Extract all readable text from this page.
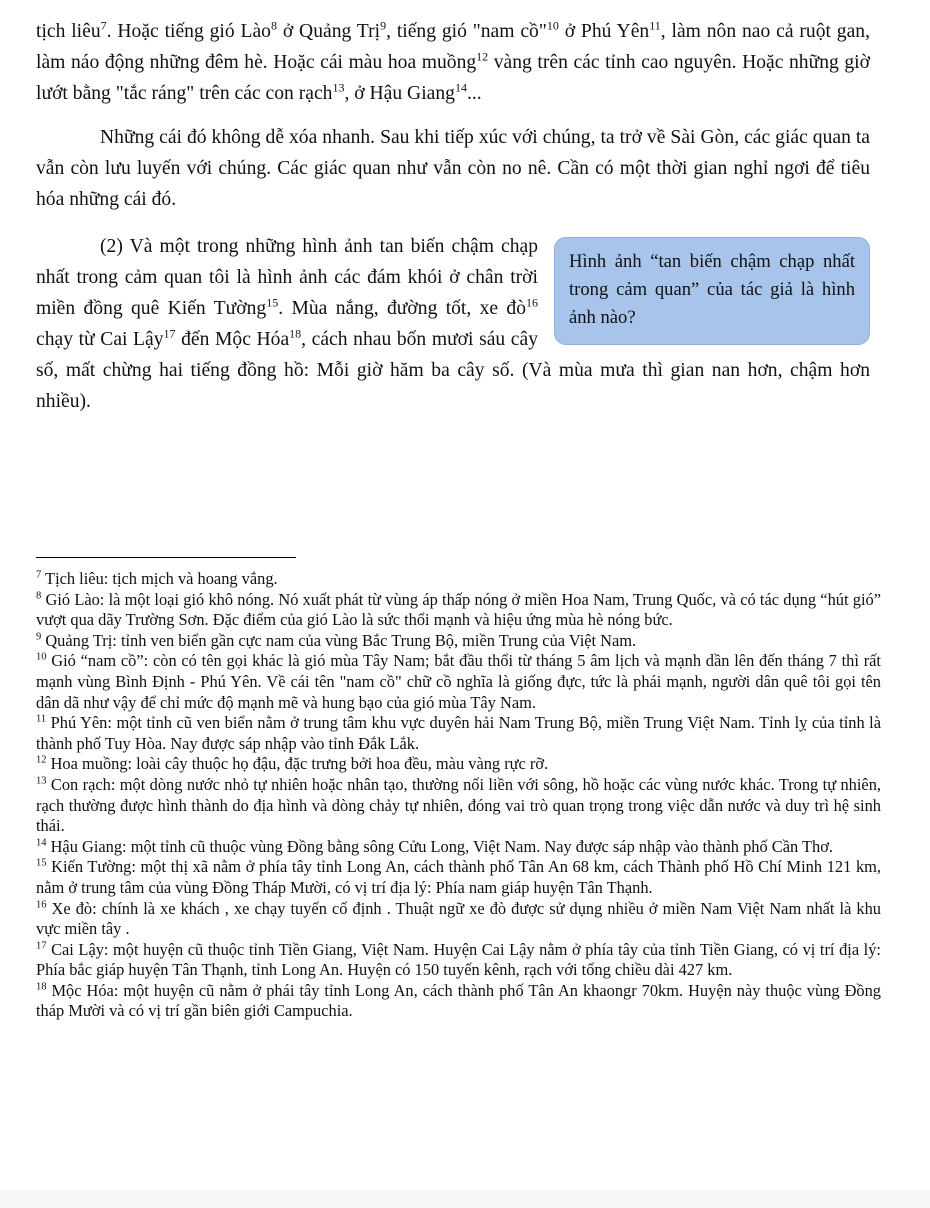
tịch liêu$^7$. Hoặc tiếng gió Lào$^8$ ở Quảng Trị$^9$, tiếng gió "nam cồ"$^{10}$ ở Phú Yên$^{11}$, làm nôn nao cả ruột gan, làm náo động những đêm hè. Hoặc cái màu hoa muồng$^{12}$ vàng trên các tỉnh cao nguyên. Hoặc những giờ lướt bằng "tắc ráng" trên các con rạch$^{13}$, ở Hậu Giang$^{14}$...

Những cái đó không dễ xóa nhanh. Sau khi tiếp xúc với chúng, ta trở về Sài Gòn, các giác quan ta vẫn còn lưu luyến với chúng. Các giác quan như vẫn còn no nê. Cần có một thời gian nghỉ ngơi để tiêu hóa những cái đó.

Hình ảnh “tan biến chậm chạp nhất trong cảm quan” của tác giả là hình ảnh nào?
(2) Và một trong những hình ảnh tan biến chậm chạp nhất trong cảm quan tôi là hình ảnh các đám khói ở chân trời miền đồng quê Kiến Tường$^{15}$. Mùa nắng, đường tốt, xe $đò^{16}$ chạy từ Cai Lậy$^{17}$ đến Mộc Hóa$^{18}$, cách nhau bốn mươi sáu cây số, mất chừng hai tiếng đồng hồ: Mỗi giờ hăm ba cây số. (Và mùa mưa thì gian nan hơn, chậm hơn nhiều).

$^7$ Tịch liêu: tịch mịch và hoang vắng.

$^8$ Gió Lào: là một loại gió khô nóng. Nó xuất phát từ vùng áp thấp nóng ở miền Hoa Nam, Trung Quốc, và có tác dụng “hút gió” vượt qua dãy Trường Sơn. Đặc điểm của gió Lào là sức thổi mạnh và hiệu ứng mùa hè nóng bức.

$^9$ Quảng Trị: tỉnh ven biển gần cực nam của vùng Bắc Trung Bộ, miền Trung của Việt Nam.

$^{10}$ Gió “nam cồ”: còn có tên gọi khác là gió mùa Tây Nam; bắt đầu thổi từ tháng 5 âm lịch và mạnh dần lên đến tháng 7 thì rất mạnh vùng Bình Định - Phú Yên. Về cái tên "nam cồ" chữ cồ nghĩa là giống đực, tức là phái mạnh, người dân quê tôi gọi tên dân dã như vậy để chỉ mức độ mạnh mẽ và hung bạo của gió mùa Tây Nam.

$^{11}$ Phú Yên: một tỉnh cũ ven biển nằm ở trung tâm khu vực duyên hải Nam Trung Bộ, miền Trung Việt Nam. Tỉnh lỵ của tỉnh là thành phố Tuy Hòa. Nay được sáp nhập vào tỉnh Đắk Lắk.

$^{12}$ Hoa muồng: loài cây thuộc họ đậu, đặc trưng bởi hoa đều, màu vàng rực rỡ.

$^{13}$ Con rạch: một dòng nước nhỏ tự nhiên hoặc nhân tạo, thường nối liền với sông, hồ hoặc các vùng nước khác. Trong tự nhiên, rạch thường được hình thành do địa hình và dòng chảy tự nhiên, đóng vai trò quan trọng trong việc dẫn nước và duy trì hệ sinh thái.

$^{14}$ Hậu Giang: một tỉnh cũ thuộc vùng Đồng bằng sông Cửu Long, Việt Nam. Nay được sáp nhập vào thành phố Cần Thơ.

$^{15}$ Kiến Tường: một thị xã nằm ở phía tây tỉnh Long An, cách thành phố Tân An 68 km, cách Thành phố Hồ Chí Minh 121 km, nằm ở trung tâm của vùng Đồng Tháp Mười, có vị trí địa lý: Phía nam giáp huyện Tân Thạnh.

$^{16}$ Xe đò: chính là xe khách , xe chạy tuyến cố định . Thuật ngữ xe đò được sử dụng nhiều ở miền Nam Việt Nam nhất là khu vực miền tây .

$^{17}$ Cai Lậy: một huyện cũ thuộc tỉnh Tiền Giang, Việt Nam. Huyện Cai Lậy nằm ở phía tây của tỉnh Tiền Giang, có vị trí địa lý: Phía bắc giáp huyện Tân Thạnh, tỉnh Long An. Huyện có 150 tuyến kênh, rạch với tổng chiều dài 427 km.

$^{18}$ Mộc Hóa: một huyện cũ nằm ở phái tây tỉnh Long An, cách thành phố Tân An khaongr 70km. Huyện này thuộc vùng Đồng tháp Mười và có vị trí gần biên giới Campuchia.
